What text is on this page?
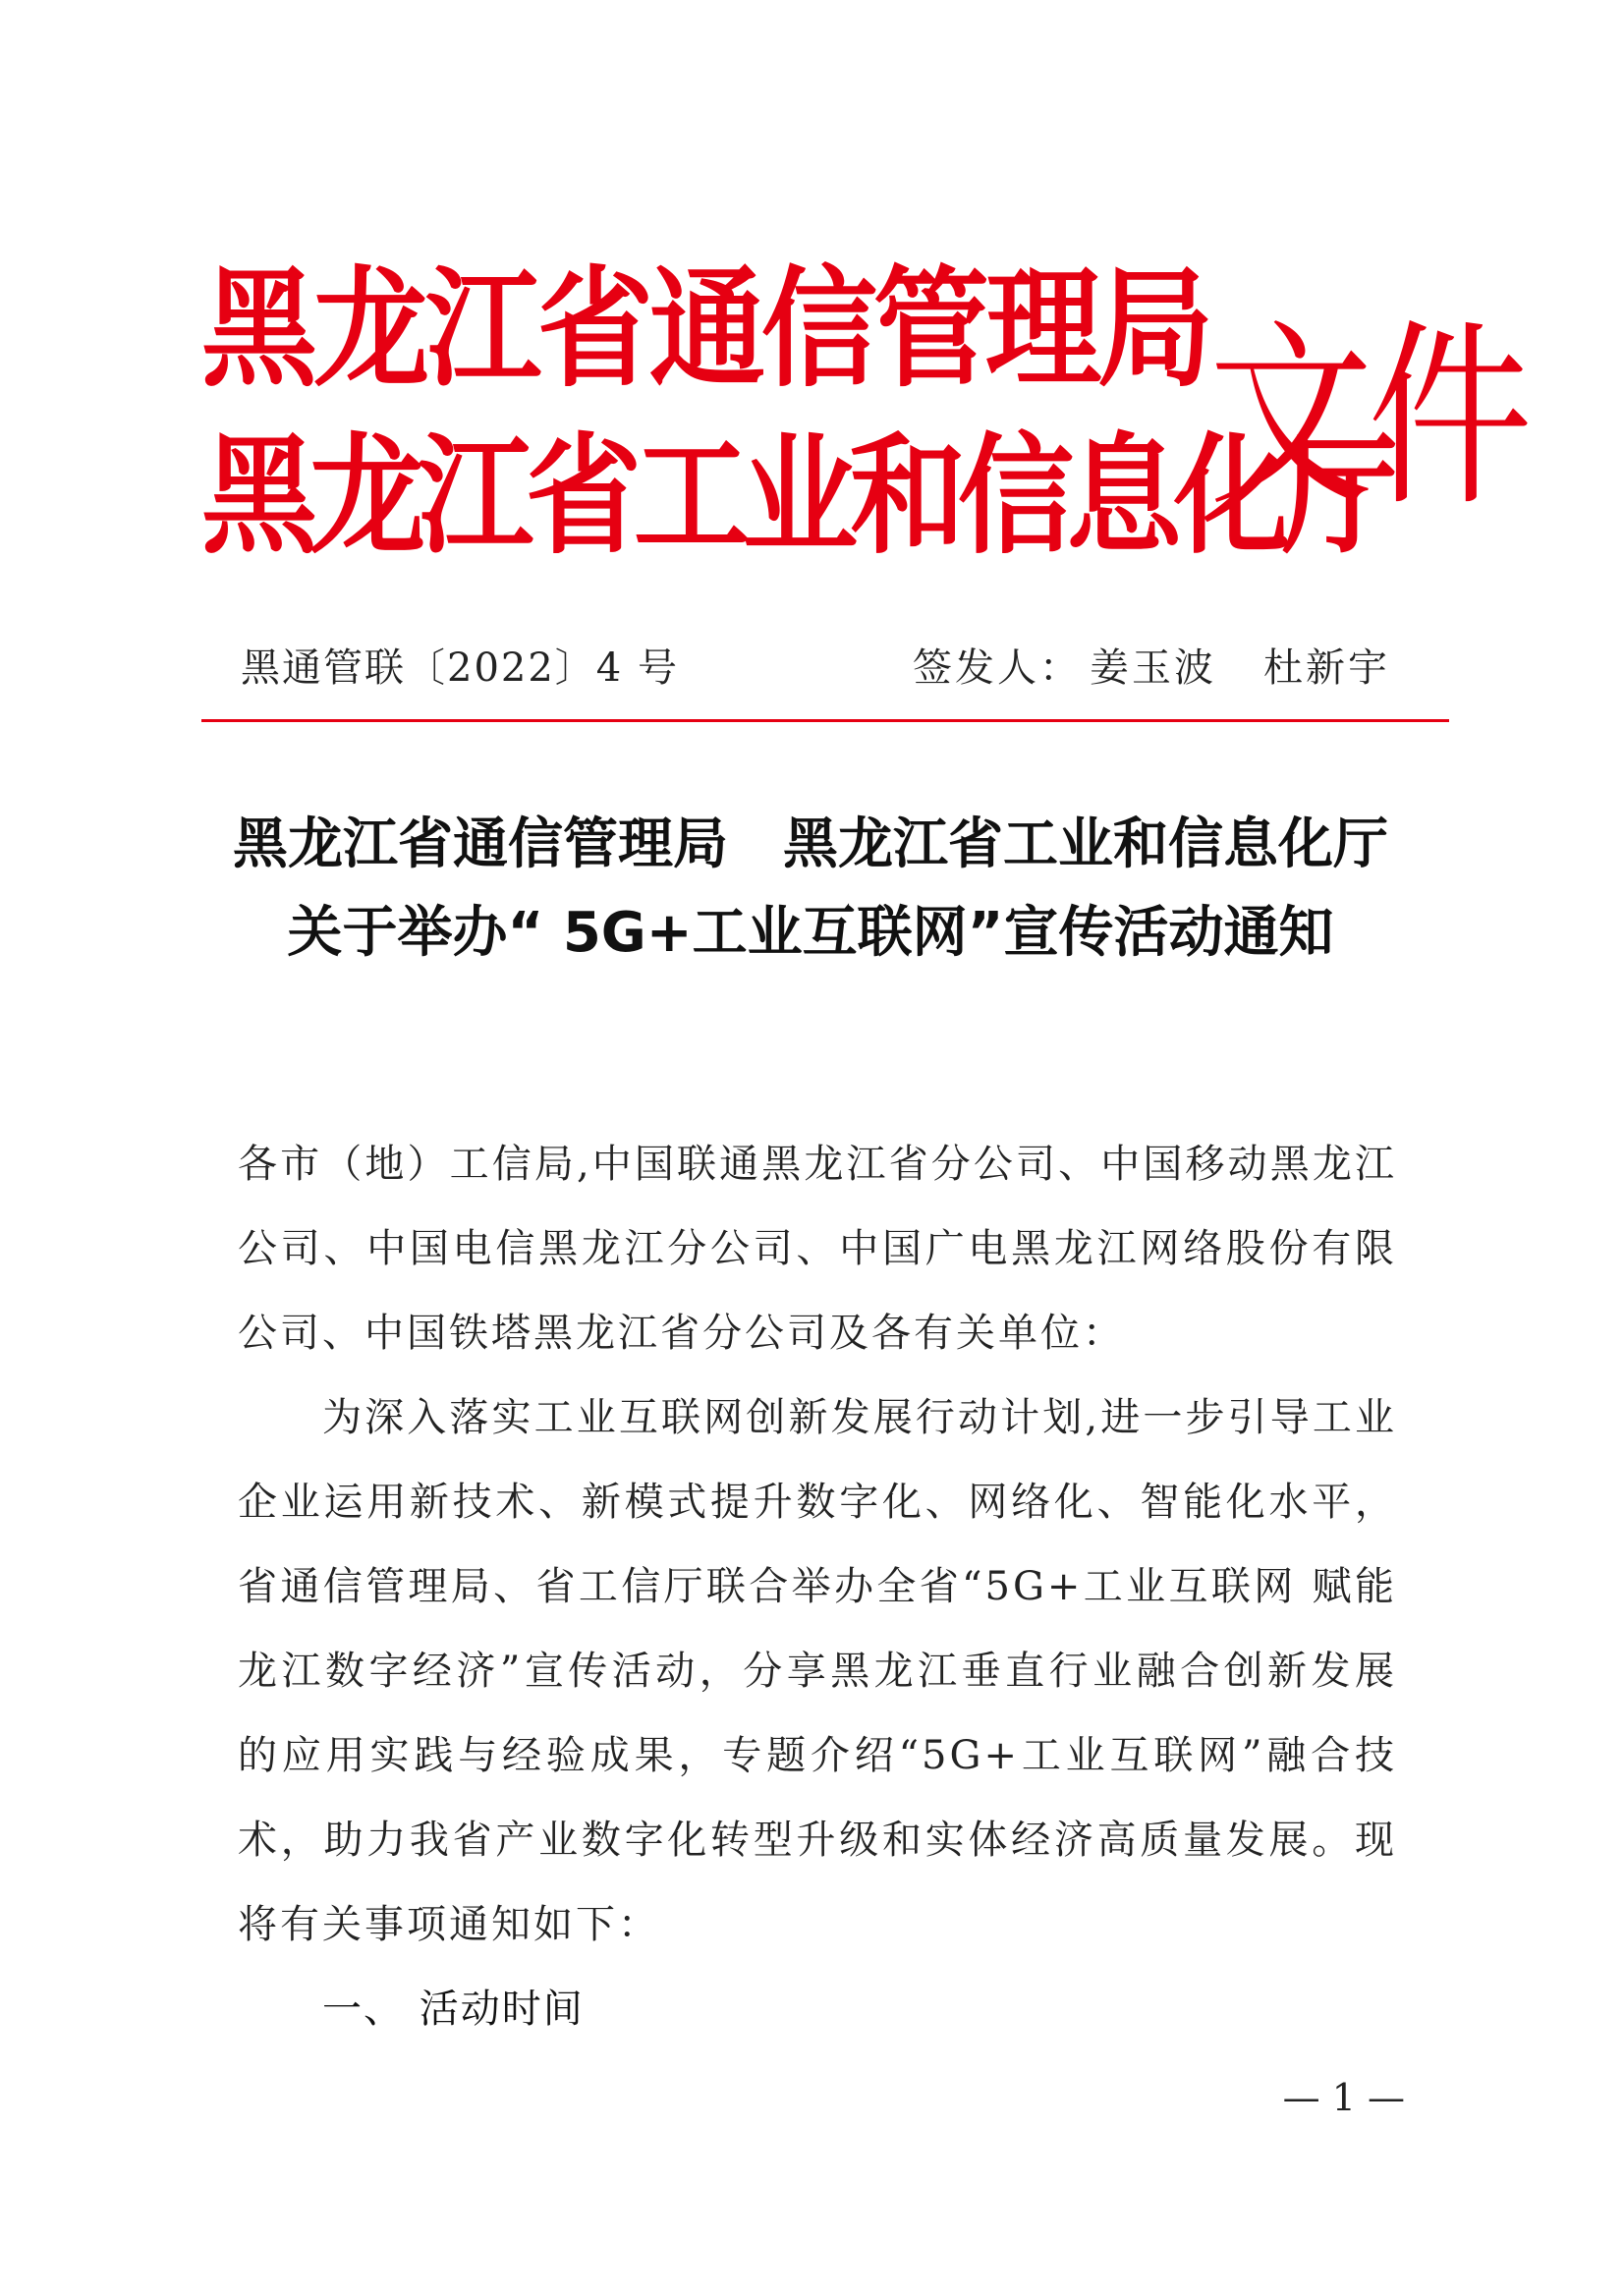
黑龙江省通信管理局
黑龙江省工业和信息化厅
文件
黑通管联〔2022〕4 号	签发人： 姜玉波 杜新宇
黑龙江省通信管理局　黑龙江省工业和信息化厅
关于举办“ 5G+工业互联网”宣传活动通知

各市（地）工信局,中国联通黑龙江省分公司、中国移动黑龙江公司、中国电信黑龙江分公司、中国广电黑龙江网络股份有限公司、中国铁塔黑龙江省分公司及各有关单位：

为深入落实工业互联网创新发展行动计划,进一步引导工业企业运用新技术、新模式提升数字化、网络化、智能化水平，省通信管理局、省工信厅联合举办全省“5G+工业互联网 赋能龙江数字经济”宣传活动，分享黑龙江垂直行业融合创新发展的应用实践与经验成果，专题介绍“5G+工业互联网”融合技术，助力我省产业数字化转型升级和实体经济高质量发展。现将有关事项通知如下：

一、 活动时间

— 1 —
